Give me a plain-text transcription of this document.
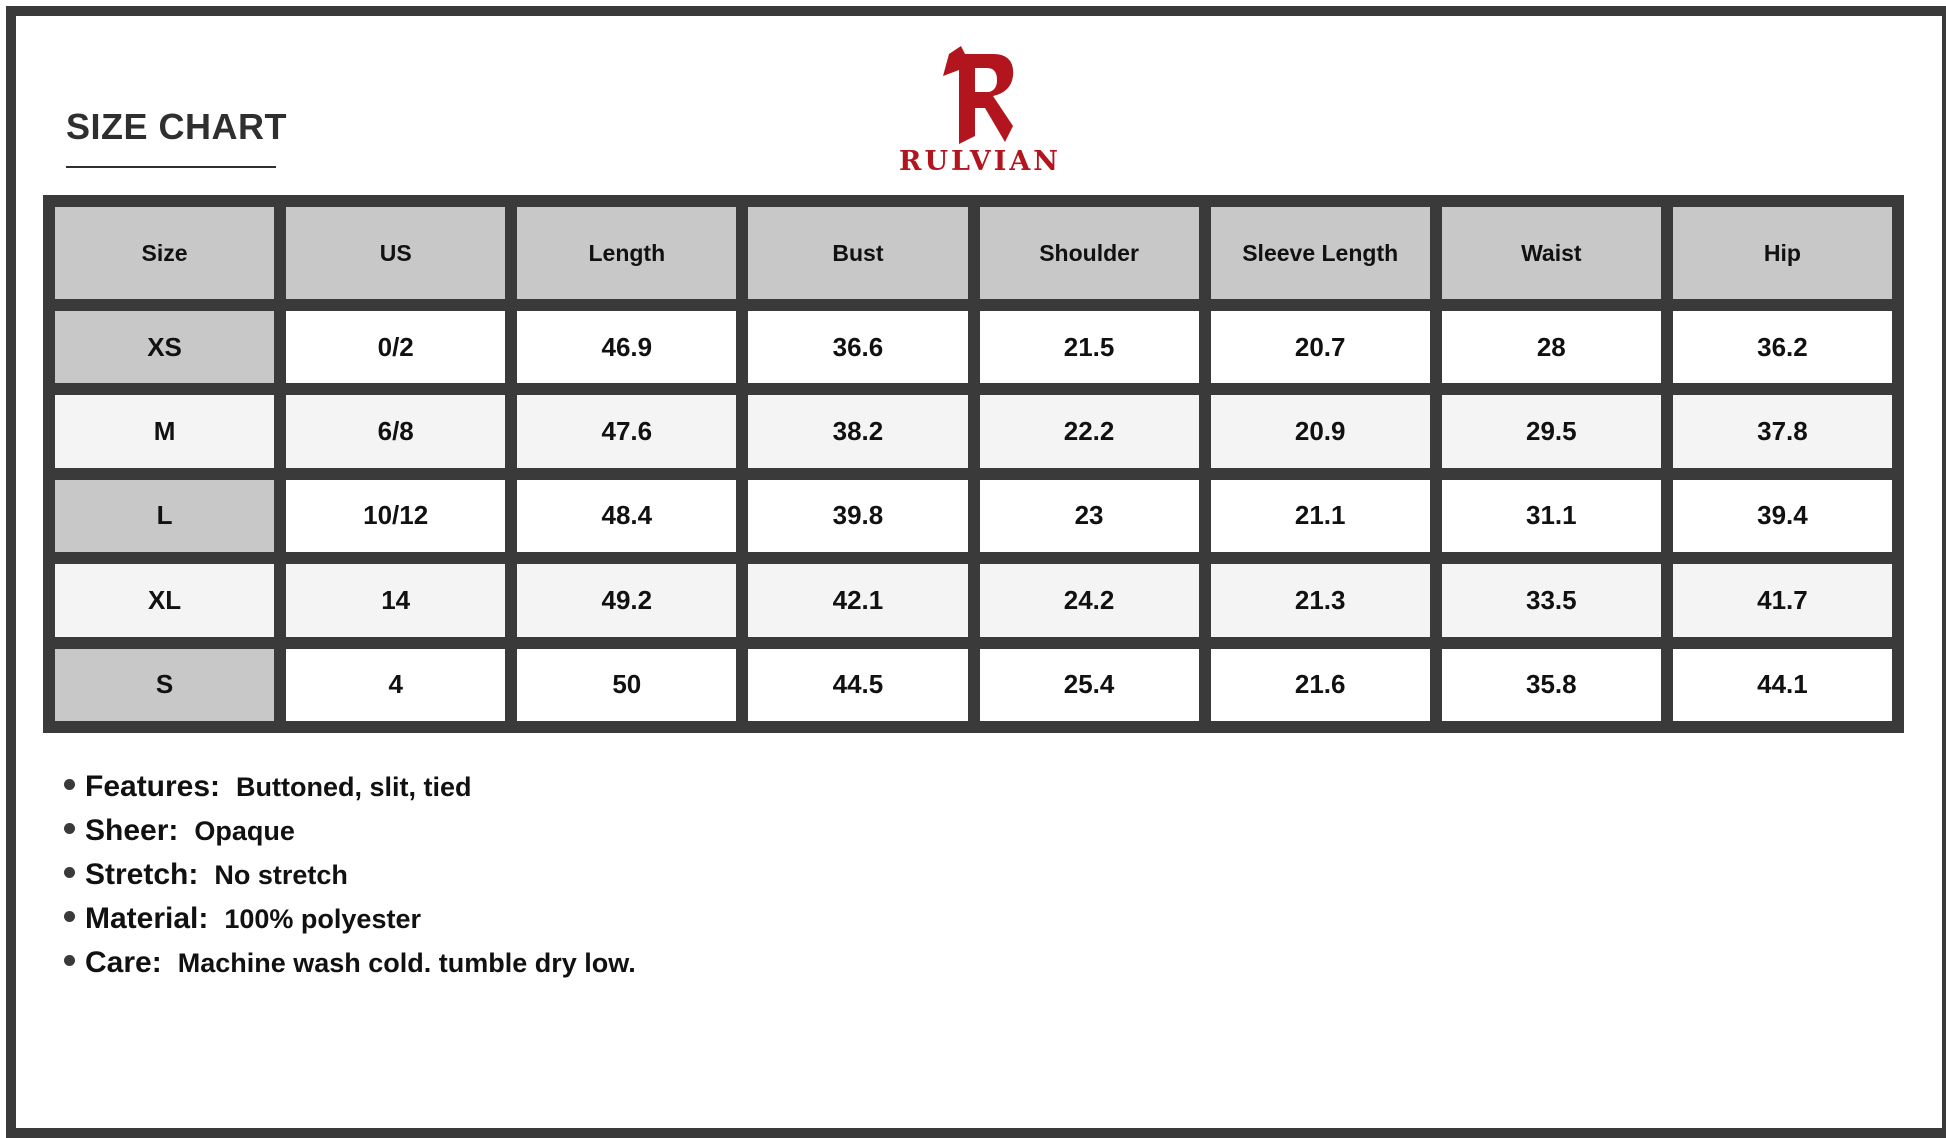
SIZE CHART
RULVIAN
Size	US	Length	Bust	Shoulder	Sleeve Length	Waist	Hip
XS	0/2	46.9	36.6	21.5	20.7	28	36.2
M	6/8	47.6	38.2	22.2	20.9	29.5	37.8
L	10/12	48.4	39.8	23	21.1	31.1	39.4
XL	14	49.2	42.1	24.2	21.3	33.5	41.7
S	4	50	44.5	25.4	21.6	35.8	44.1
Features: Buttoned, slit, tied
Sheer: Opaque
Stretch: No stretch
Material: 100% polyester
Care: Machine wash cold. tumble dry low.
